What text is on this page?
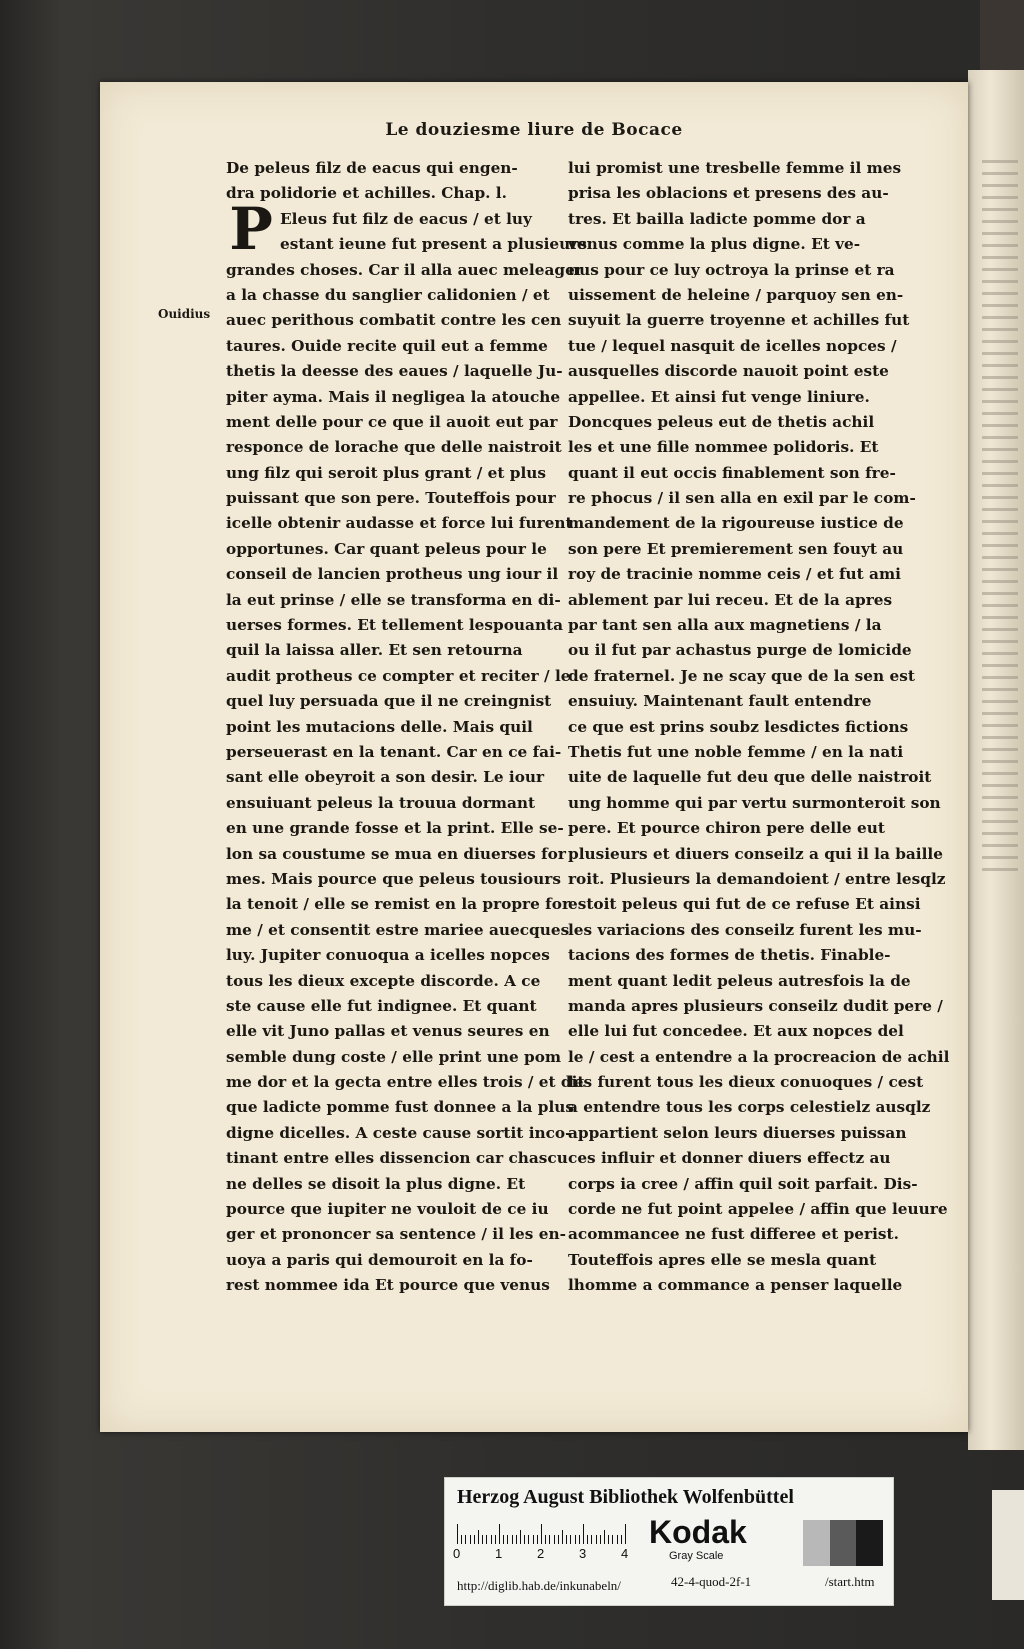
Le douziesme liure de Bocace
P
Ouidius
De peleus filz de eacus qui engen-
dra polidorie et achilles. Chap. l.
Eleus fut filz de eacus / et luy
estant ieune fut present a plusieurs
grandes choses. Car il alla auec meleager
a la chasse du sanglier calidonien / et
auec perithous combatit contre les cen
taures. Ouide recite quil eut a femme
thetis la deesse des eaues / laquelle Ju-
piter ayma. Mais il negligea la atouche
ment delle pour ce que il auoit eut par
responce de lorache que delle naistroit
ung filz qui seroit plus grant / et plus
puissant que son pere. Touteffois pour
icelle obtenir audasse et force lui furent
opportunes. Car quant peleus pour le
conseil de lancien protheus ung iour il
la eut prinse / elle se transforma en di-
uerses formes. Et tellement lespouanta
quil la laissa aller. Et sen retourna
audit protheus ce compter et reciter / le
quel luy persuada que il ne creingnist
point les mutacions delle. Mais quil
perseuerast en la tenant. Car en ce fai-
sant elle obeyroit a son desir. Le iour
ensuiuant peleus la trouua dormant
en une grande fosse et la print. Elle se-
lon sa coustume se mua en diuerses for
mes. Mais pource que peleus tousiours
la tenoit / elle se remist en la propre for
me / et consentit estre mariee auecques
luy. Jupiter conuoqua a icelles nopces
tous les dieux excepte discorde. A ce
ste cause elle fut indignee. Et quant
elle vit Juno pallas et venus seures en
semble dung coste / elle print une pom
me dor et la gecta entre elles trois / et dit
que ladicte pomme fust donnee a la plus
digne dicelles. A ceste cause sortit inco-
tinant entre elles dissencion car chascu
ne delles se disoit la plus digne. Et
pource que iupiter ne vouloit de ce iu
ger et prononcer sa sentence / il les en-
uoya a paris qui demouroit en la fo-
rest nommee ida Et pource que venus
lui promist une tresbelle femme il mes
prisa les oblacions et presens des au-
tres. Et bailla ladicte pomme dor a
venus comme la plus digne. Et ve-
nus pour ce luy octroya la prinse et ra
uissement de heleine / parquoy sen en-
suyuit la guerre troyenne et achilles fut
tue / lequel nasquit de icelles nopces /
ausquelles discorde nauoit point este
appellee. Et ainsi fut venge liniure.
Doncques peleus eut de thetis achil
les et une fille nommee polidoris. Et
quant il eut occis finablement son fre-
re phocus / il sen alla en exil par le com-
mandement de la rigoureuse iustice de
son pere Et premierement sen fouyt au
roy de tracinie nomme ceis / et fut ami
ablement par lui receu. Et de la apres
par tant sen alla aux magnetiens / la
ou il fut par achastus purge de lomicide
de fraternel. Je ne scay que de la sen est
ensuiuy. Maintenant fault entendre
ce que est prins soubz lesdictes fictions
Thetis fut une noble femme / en la nati
uite de laquelle fut deu que delle naistroit
ung homme qui par vertu surmonteroit son
pere. Et pource chiron pere delle eut
plusieurs et diuers conseilz a qui il la baille
roit. Plusieurs la demandoient / entre lesqlz
estoit peleus qui fut de ce refuse Et ainsi
les variacions des conseilz furent les mu-
tacions des formes de thetis. Finable-
ment quant ledit peleus autresfois la de
manda apres plusieurs conseilz dudit pere /
elle lui fut concedee. Et aux nopces del
le / cest a entendre a la procreacion de achil
les furent tous les dieux conuoques / cest
a entendre tous les corps celestielz ausqlz
appartient selon leurs diuerses puissan
ces influir et donner diuers effectz au
corps ia cree / affin quil soit parfait. Dis-
corde ne fut point appelee / affin que leuure
acommancee ne fust differee et perist.
Touteffois apres elle se mesla quant
lhomme a commance a penser laquelle
Herzog August Bibliothek Wolfenbüttel
0	1	2	3	4
Kodak
Gray Scale
http://diglib.hab.de/inkunabeln/	42-4-quod-2f-1	/start.htm
